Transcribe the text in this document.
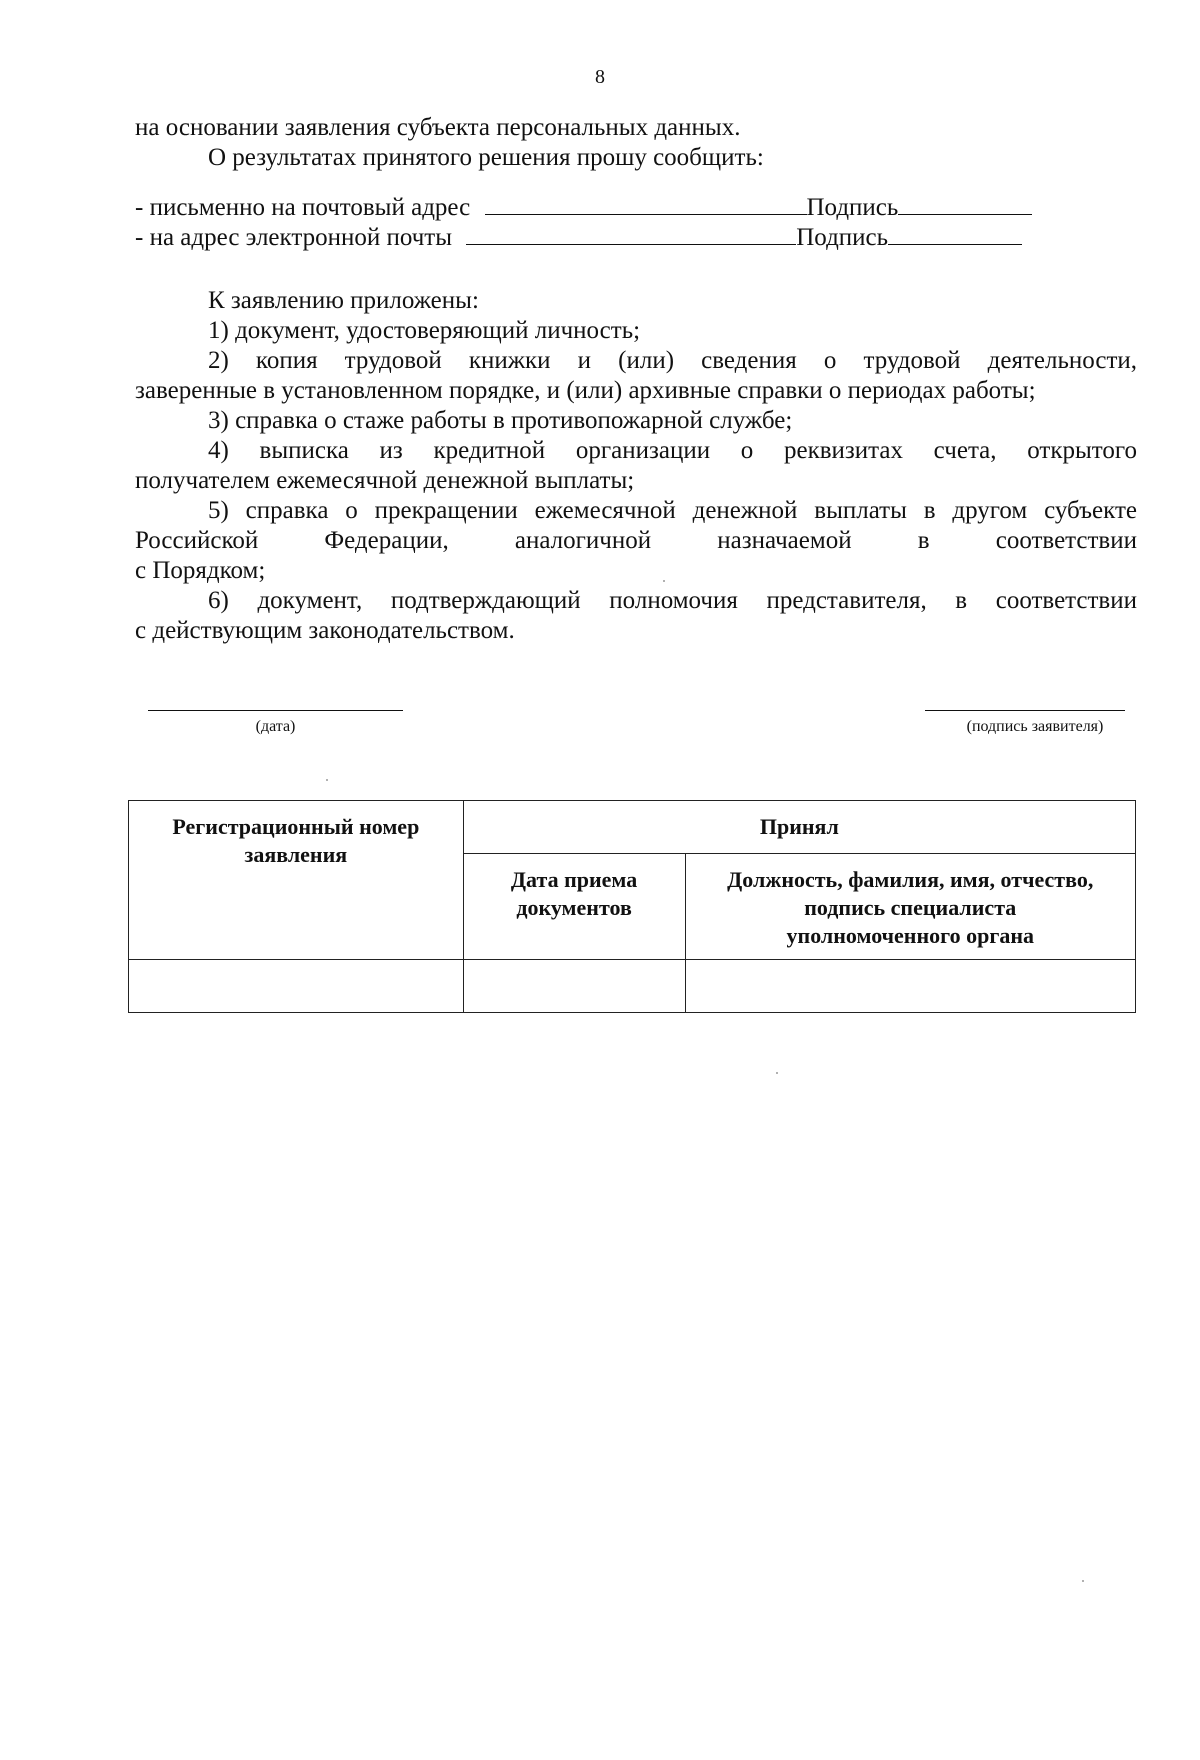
8
на основании заявления субъекта персональных данных.
О результатах принятого решения прошу сообщить:
- письменно на почтовый адрес	Подпись
- на адрес электронной почты	Подпись
К заявлению приложены:
1) документ, удостоверяющий личность;
2) копия трудовой книжки и (или) сведения о трудовой деятельности,
заверенные в установленном порядке, и (или) архивные справки о периодах работы;
3) справка о стаже работы в противопожарной службе;
4) выписка из кредитной организации о реквизитах счета, открытого
получателем ежемесячной денежной выплаты;
5) справка о прекращении ежемесячной денежной выплаты в другом субъекте
Российской Федерации, аналогичной назначаемой в соответствии
с Порядком;
6) документ, подтверждающий полномочия представителя, в соответствии
с действующим законодательством.
(дата)	(подпись заявителя)
Регистрационный номер заявления	Принял	
	Дата приема документов	Должность, фамилия, имя, отчество, подпись специалиста уполномоченного органа
